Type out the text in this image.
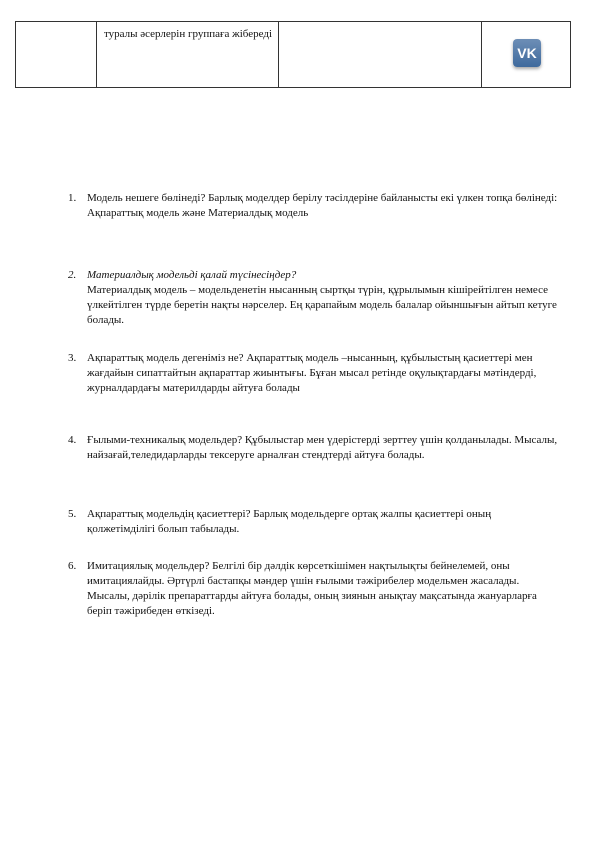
туралы әсерлерін группаға жібереді
VK
1. Модель нешеге бөлінеді? Барлық моделдер берілу тәсілдеріне байланысты екі үлкен топқа бөлінеді: Ақпараттық модель және Материалдық модель
2. Материалдық модельді қалай түсінесіңдер?
Материалдық модель – модельденетін нысанның сыртқы түрін, құрылымын кішірейтілген немесе үлкейтілген түрде беретін нақты нәрселер. Ең қарапайым модель балалар ойыншығын айтып кетуге болады.
3. Ақпараттық модель дегеніміз не? Ақпараттық модель –нысанның, құбылыстың қасиеттері мен жағдайын сипаттайтын ақпараттар жиынтығы. Бұған мысал ретінде оқулықтардағы мәтіндерді, журналдардағы материлдарды айтуға болады
4. Ғылыми-техникалық модельдер? Құбылыстар мен үдерістерді зерттеу үшін қолданылады. Мысалы, найзағай,теледидарларды тексеруге арналған стендтерді айтуға болады.
5. Ақпараттық модельдің қасиеттері? Барлық модельдерге ортақ жалпы қасиеттері оның қолжетімділігі болып табылады.
6. Имитациялық модельдер? Белгілі бір дәлдік көрсеткішімен нақтылықты бейнелемей, оны имитациялайды. Әртүрлі бастапқы мәндер үшін ғылыми тәжірибелер модельмен жасалады. Мысалы, дәрілік препараттарды айтуға болады, оның зиянын анықтау мақсатында жануарларға беріп тәжірибеден өткізеді.
